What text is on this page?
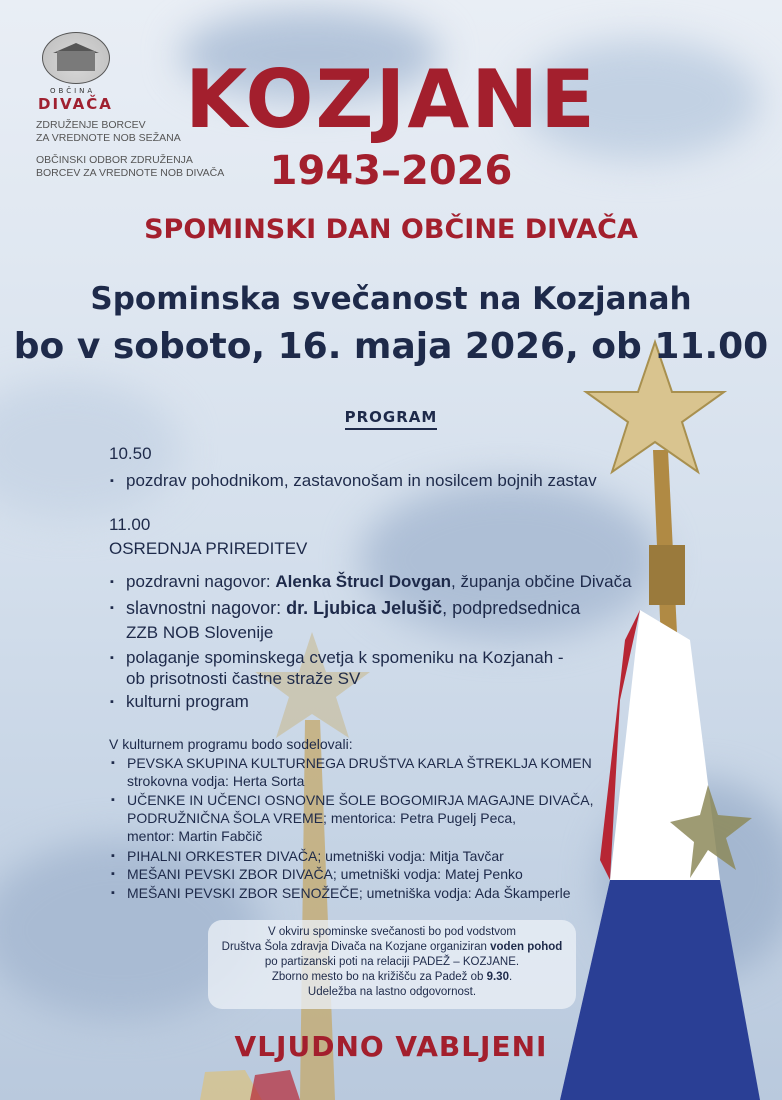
OBČINA
DIVAČA
ZDRUŽENJE BORCEV
ZA VREDNOTE NOB SEŽANA
OBČINSKI ODBOR ZDRUŽENJA
BORCEV ZA VREDNOTE NOB DIVAČA
KOZJANE
1943–2026
SPOMINSKI DAN OBČINE DIVAČA
Spominska svečanost na Kozjanah
bo v soboto, 16. maja 2026, ob 11.00
PROGRAM
10.50
▪ pozdrav pohodnikom, zastavonošam in nosilcem bojnih zastav
11.00
OSREDNJA PRIREDITEV
▪ pozdravni nagovor: Alenka Štrucl Dovgan, županja občine Divača
▪ slavnostni nagovor: dr. Ljubica Jelušič, podpredsednica
ZZB NOB Slovenije
▪ polaganje spominskega cvetja k spomeniku na Kozjanah -
ob prisotnosti častne straže SV
▪ kulturni program
V kulturnem programu bodo sodelovali:
▪ PEVSKA SKUPINA KULTURNEGA DRUŠTVA KARLA ŠTREKLJA KOMEN
strokovna vodja: Herta Sorta
▪ UČENKE IN UČENCI OSNOVNE ŠOLE BOGOMIRJA MAGAJNE DIVAČA,
PODRUŽNIČNA ŠOLA VREME; mentorica: Petra Pugelj Peca,
mentor: Martin Fabčič
▪ PIHALNI ORKESTER DIVAČA; umetniški vodja: Mitja Tavčar
▪ MEŠANI PEVSKI ZBOR DIVAČA; umetniški vodja: Matej Penko
▪ MEŠANI PEVSKI ZBOR SENOŽEČE; umetniška vodja: Ada Škamperle
V okviru spominske svečanosti bo pod vodstvom
Društva Šola zdravja Divača na Kozjane organiziran voden pohod
po partizanski poti na relaciji PADEŽ – KOZJANE.
Zborno mesto bo na križišču za Padež ob 9.30.
Udeležba na lastno odgovornost.
VLJUDNO VABLJENI
